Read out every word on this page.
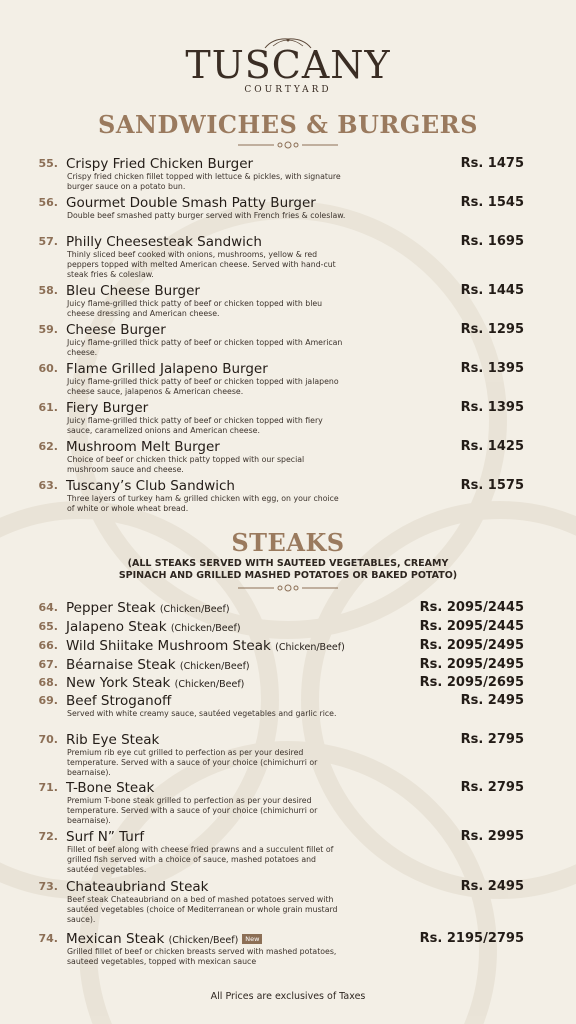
TUSCANY
COURTYARD
SANDWICHES & BURGERS
55. Crispy Fried Chicken Burger
Crispy fried chicken fillet topped with lettuce & pickles, with signature burger sauce on a potato bun.
Rs. 1475
56. Gourmet Double Smash Patty Burger
Double beef smashed patty burger served with French fries & coleslaw.
Rs. 1545
57. Philly Cheesesteak Sandwich
Thinly sliced beef cooked with onions, mushrooms, yellow & red peppers topped with melted American cheese. Served with hand-cut steak fries & coleslaw.
Rs. 1695
58. Bleu Cheese Burger
Juicy flame-grilled thick patty of beef or chicken topped with bleu cheese dressing and American cheese.
Rs. 1445
59. Cheese Burger
Juicy flame-grilled thick patty of beef or chicken topped with American cheese.
Rs. 1295
60. Flame Grilled Jalapeno Burger
Juicy flame-grilled thick patty of beef or chicken topped with jalapeno cheese sauce, jalapenos & American cheese.
Rs. 1395
61. Fiery Burger
Juicy flame-grilled thick patty of beef or chicken topped with fiery sauce, caramelized onions and American cheese.
Rs. 1395
62. Mushroom Melt Burger
Choice of beef or chicken thick patty topped with our special mushroom sauce and cheese.
Rs. 1425
63. Tuscany’s Club Sandwich
Three layers of turkey ham & grilled chicken with egg, on your choice of white or whole wheat bread.
Rs. 1575
STEAKS
(ALL STEAKS SERVED WITH SAUTEED VEGETABLES, CREAMY
SPINACH AND GRILLED MASHED POTATOES OR BAKED POTATO)
64. Pepper Steak (Chicken/Beef)	Rs. 2095/2445
65. Jalapeno Steak (Chicken/Beef)	Rs. 2095/2445
66. Wild Shiitake Mushroom Steak (Chicken/Beef)	Rs. 2095/2495
67. Béarnaise Steak (Chicken/Beef)	Rs. 2095/2495
68. New York Steak (Chicken/Beef)	Rs. 2095/2695
69. Beef Stroganoff
Served with white creamy sauce, sautéed vegetables and garlic rice.
Rs. 2495
70. Rib Eye Steak
Premium rib eye cut grilled to perfection as per your desired temperature. Served with a sauce of your choice (chimichurri or bearnaise).
Rs. 2795
71. T-Bone Steak
Premium T-bone steak grilled to perfection as per your desired temperature. Served with a sauce of your choice (chimichurri or bearnaise).
Rs. 2795
72. Surf N” Turf
Fillet of beef along with cheese fried prawns and a succulent fillet of grilled fish served with a choice of sauce, mashed potatoes and sautéed vegetables.
Rs. 2995
73. Chateaubriand Steak
Beef steak Chateaubriand on a bed of mashed potatoes served with sautéed vegetables (choice of Mediterranean or whole grain mustard sauce).
Rs. 2495
74. Mexican Steak (Chicken/Beef) New
Grilled fillet of beef or chicken breasts served with mashed potatoes, sauteed vegetables, topped with mexican sauce
Rs. 2195/2795
All Prices are exclusives of Taxes
